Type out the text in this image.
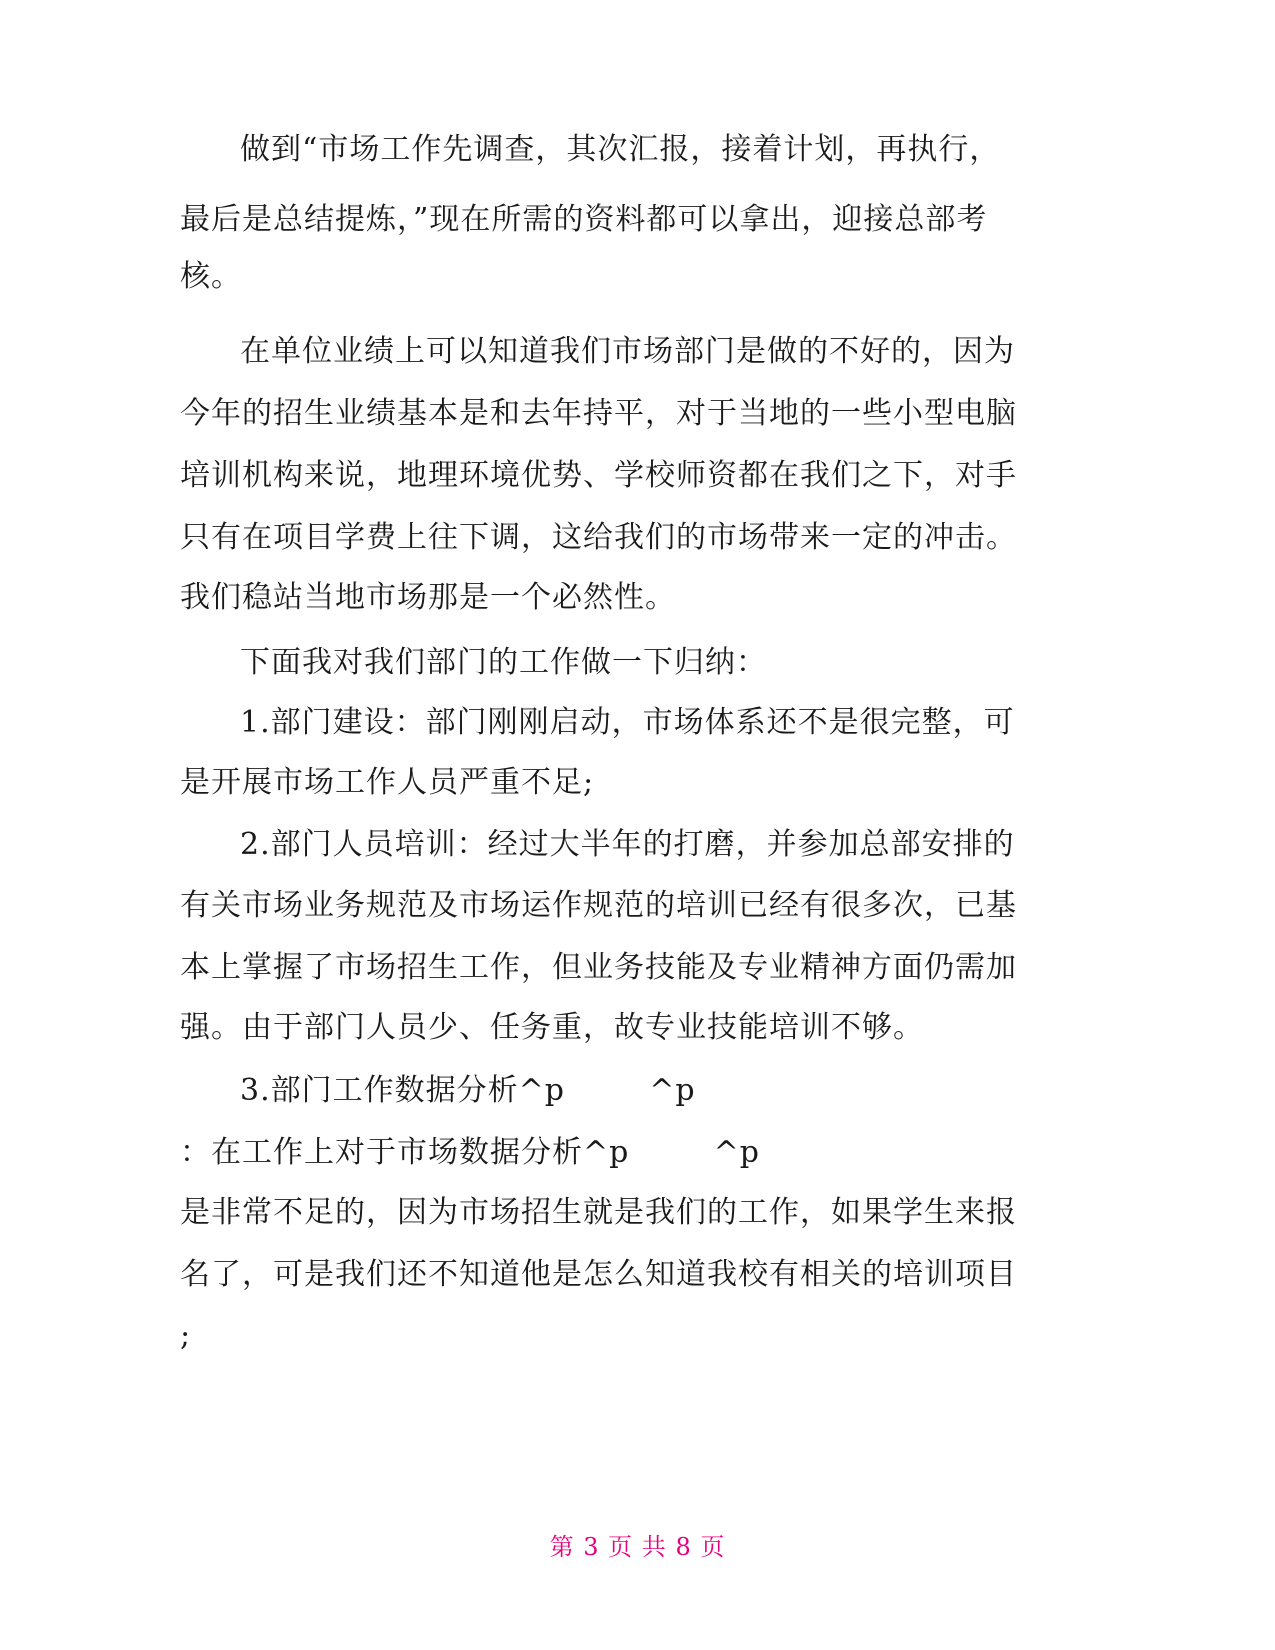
做到“市场工作先调查，其次汇报，接着计划，再执行，
最后是总结提炼，”现在所需的资料都可以拿出，迎接总部考
核。
在单位业绩上可以知道我们市场部门是做的不好的，因为
今年的招生业绩基本是和去年持平，对于当地的一些小型电脑
培训机构来说，地理环境优势、学校师资都在我们之下，对手
只有在项目学费上往下调，这给我们的市场带来一定的冲击。
我们稳站当地市场那是一个必然性。
下面我对我们部门的工作做一下归纳：
1.部门建设：部门刚刚启动，市场体系还不是很完整，可
是开展市场工作人员严重不足;
2.部门人员培训：经过大半年的打磨，并参加总部安排的
有关市场业务规范及市场运作规范的培训已经有很多次，已基
本上掌握了市场招生工作，但业务技能及专业精神方面仍需加
强。由于部门人员少、任务重，故专业技能培训不够。
3.部门工作数据分析^p        ^p
：在工作上对于市场数据分析^p        ^p
是非常不足的，因为市场招生就是我们的工作，如果学生来报
名了，可是我们还不知道他是怎么知道我校有相关的培训项目
;
第 3 页 共 8 页
